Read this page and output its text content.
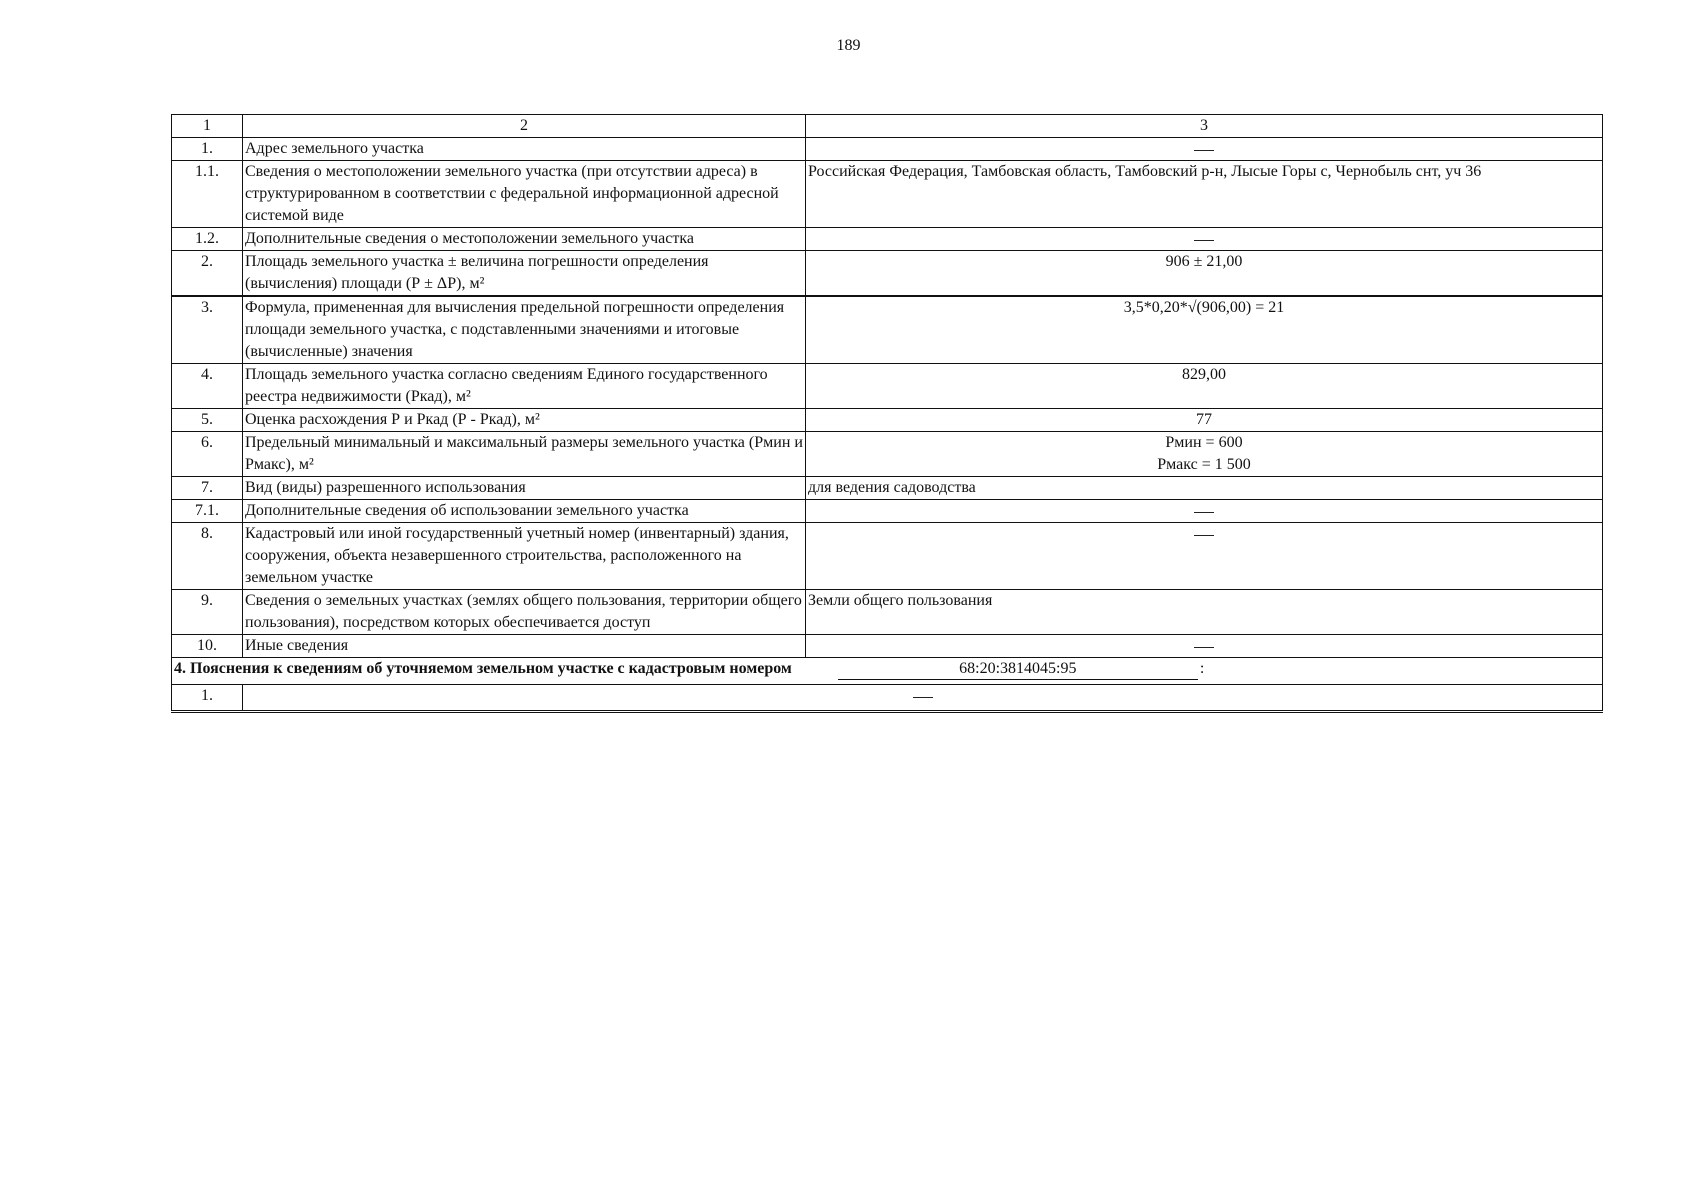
189
1	2	3
1.	Адрес земельного участка	
1.1.	Сведения о местоположении земельного участка (при отсутствии адреса) в структурированном в соответствии с федеральной информационной адресной системой виде	Российская Федерация, Тамбовская область, Тамбовский р-н, Лысые Горы с, Чернобыль снт, уч 36
1.2.	Дополнительные сведения о местоположении земельного участка	
2.	Площадь земельного участка ± величина погрешности определения (вычисления) площади (Р ± ΔР), м²	906 ± 21,00
3.	Формула, примененная для вычисления предельной погрешности определения площади земельного участка, с подставленными значениями и итоговые (вычисленные) значения	3,5*0,20*√(906,00) = 21
4.	Площадь земельного участка согласно сведениям Единого государственного реестра недвижимости (Ркад), м²	829,00
5.	Оценка расхождения Р и Ркад (Р - Ркад), м²	77
6.	Предельный минимальный и максимальный размеры земельного участка (Рмин и Рмакс), м²	Рмин = 600
Рмакс = 1 500

7.	Вид (виды) разрешенного использования	для ведения садоводства
7.1.	Дополнительные сведения об использовании земельного участка	
8.	Кадастровый или иной государственный учетный номер (инвентарный) здания, сооружения, объекта незавершенного строительства, расположенного на земельном участке	
9.	Сведения о земельных участках (землях общего пользования, территории общего пользования), посредством которых обеспечивается доступ	Земли общего пользования
10.	Иные сведения	
4. Пояснения к сведениям об уточняемом земельном участке с кадастровым номером 68:20:3814045:95 :		
1.	
